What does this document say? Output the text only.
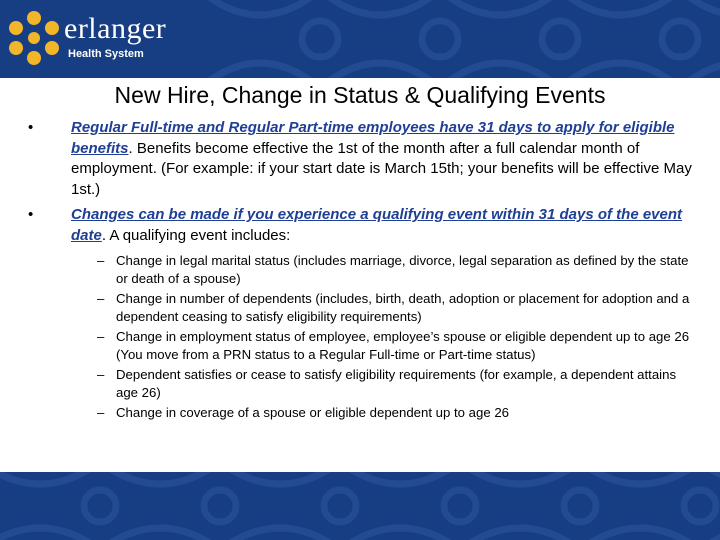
erlanger
Health System
New Hire, Change in Status & Qualifying Events
•	Regular Full-time and Regular Part-time employees have 31 days to apply for eligible benefits. Benefits become effective the 1st of the month after a full calendar month of employment. (For example: if your start date is March 15th; your benefits will be effective May 1st.)
•	Changes can be made if you experience a qualifying event within 31 days of the event date. A qualifying event includes:
– Change in legal marital status (includes marriage, divorce, legal separation as defined by the state or death of a spouse)
– Change in number of dependents (includes, birth, death, adoption or placement for adoption and a dependent ceasing to satisfy eligibility requirements)
– Change in employment status of employee, employee’s spouse or eligible dependent up to age 26 (You move from a PRN status to a Regular Full-time or Part-time status)
– Dependent satisfies or cease to satisfy eligibility requirements (for example, a dependent attains age 26)
– Change in coverage of a spouse or eligible dependent up to age 26
